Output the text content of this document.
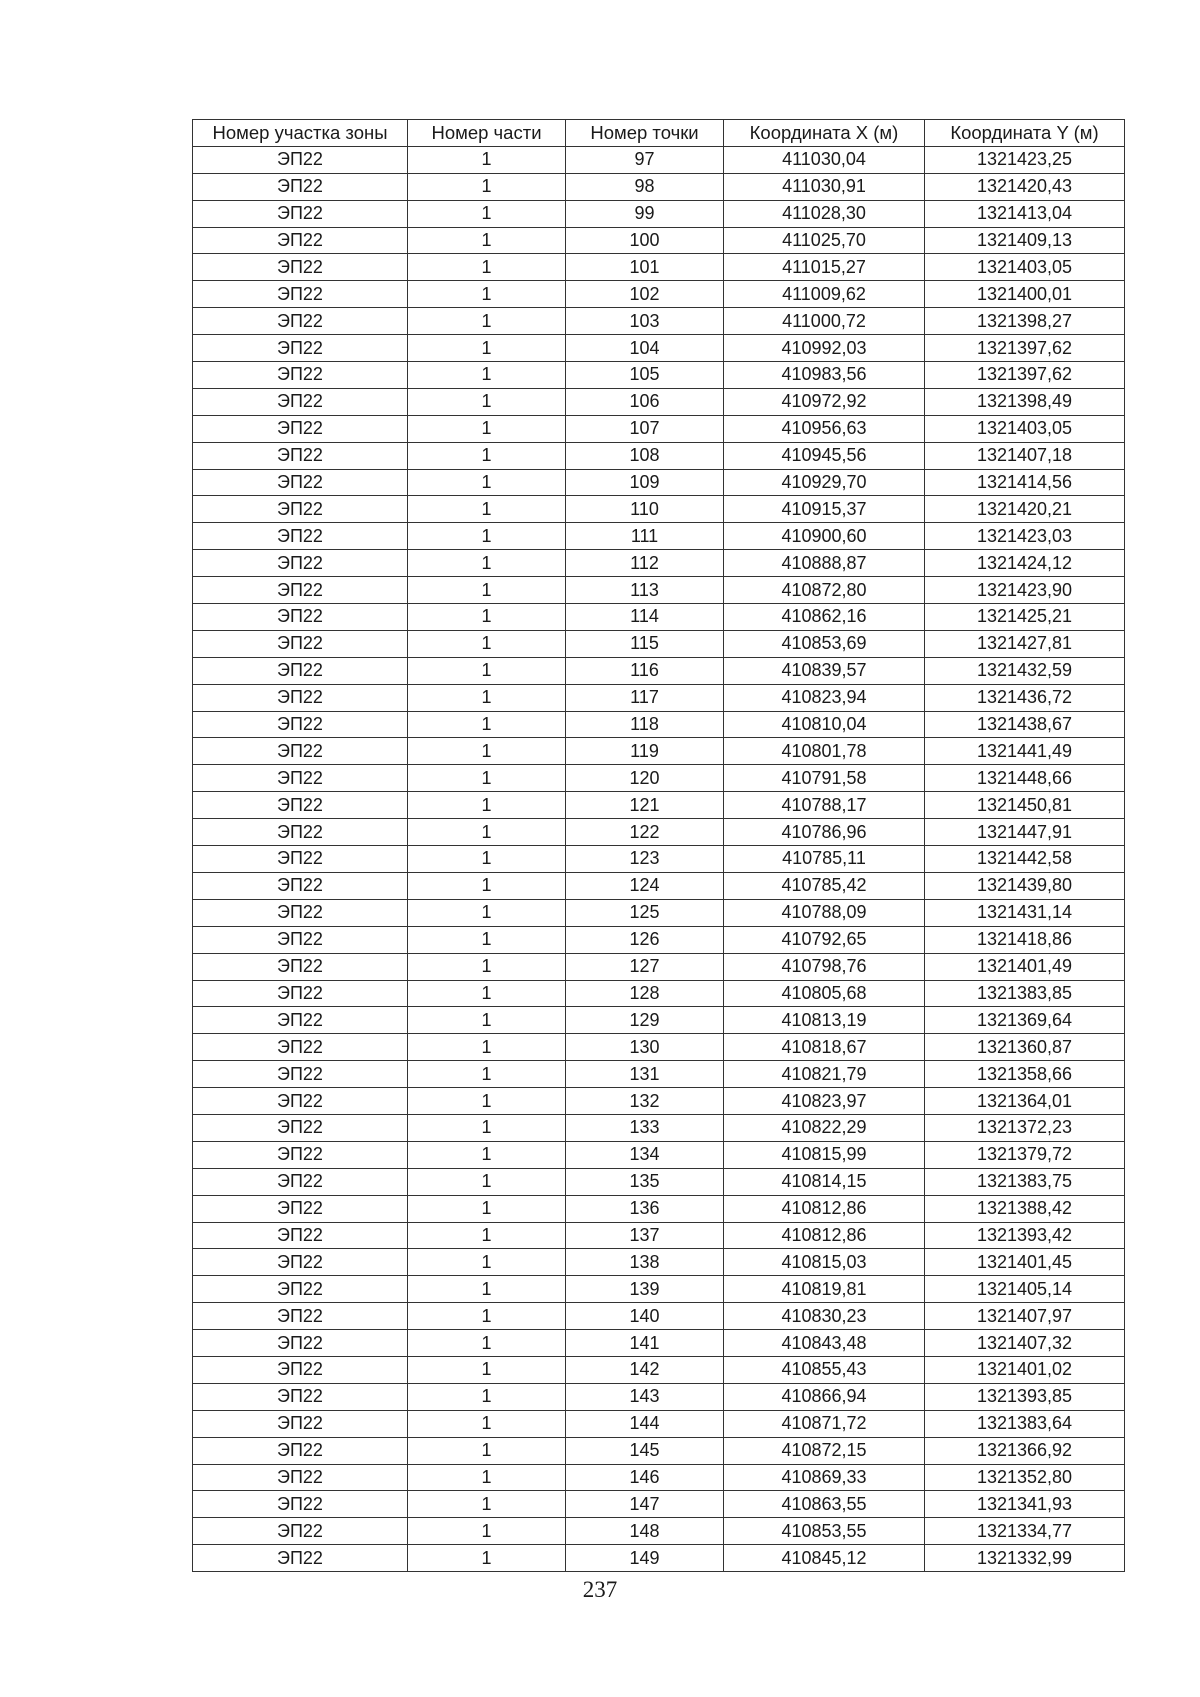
Номер участка зоны	Номер части	Номер точки	Координата X (м)	Координата Y (м)
ЭП22	1	97	411030,04	1321423,25
ЭП22	1	98	411030,91	1321420,43
ЭП22	1	99	411028,30	1321413,04
ЭП22	1	100	411025,70	1321409,13
ЭП22	1	101	411015,27	1321403,05
ЭП22	1	102	411009,62	1321400,01
ЭП22	1	103	411000,72	1321398,27
ЭП22	1	104	410992,03	1321397,62
ЭП22	1	105	410983,56	1321397,62
ЭП22	1	106	410972,92	1321398,49
ЭП22	1	107	410956,63	1321403,05
ЭП22	1	108	410945,56	1321407,18
ЭП22	1	109	410929,70	1321414,56
ЭП22	1	110	410915,37	1321420,21
ЭП22	1	111	410900,60	1321423,03
ЭП22	1	112	410888,87	1321424,12
ЭП22	1	113	410872,80	1321423,90
ЭП22	1	114	410862,16	1321425,21
ЭП22	1	115	410853,69	1321427,81
ЭП22	1	116	410839,57	1321432,59
ЭП22	1	117	410823,94	1321436,72
ЭП22	1	118	410810,04	1321438,67
ЭП22	1	119	410801,78	1321441,49
ЭП22	1	120	410791,58	1321448,66
ЭП22	1	121	410788,17	1321450,81
ЭП22	1	122	410786,96	1321447,91
ЭП22	1	123	410785,11	1321442,58
ЭП22	1	124	410785,42	1321439,80
ЭП22	1	125	410788,09	1321431,14
ЭП22	1	126	410792,65	1321418,86
ЭП22	1	127	410798,76	1321401,49
ЭП22	1	128	410805,68	1321383,85
ЭП22	1	129	410813,19	1321369,64
ЭП22	1	130	410818,67	1321360,87
ЭП22	1	131	410821,79	1321358,66
ЭП22	1	132	410823,97	1321364,01
ЭП22	1	133	410822,29	1321372,23
ЭП22	1	134	410815,99	1321379,72
ЭП22	1	135	410814,15	1321383,75
ЭП22	1	136	410812,86	1321388,42
ЭП22	1	137	410812,86	1321393,42
ЭП22	1	138	410815,03	1321401,45
ЭП22	1	139	410819,81	1321405,14
ЭП22	1	140	410830,23	1321407,97
ЭП22	1	141	410843,48	1321407,32
ЭП22	1	142	410855,43	1321401,02
ЭП22	1	143	410866,94	1321393,85
ЭП22	1	144	410871,72	1321383,64
ЭП22	1	145	410872,15	1321366,92
ЭП22	1	146	410869,33	1321352,80
ЭП22	1	147	410863,55	1321341,93
ЭП22	1	148	410853,55	1321334,77
ЭП22	1	149	410845,12	1321332,99
237
